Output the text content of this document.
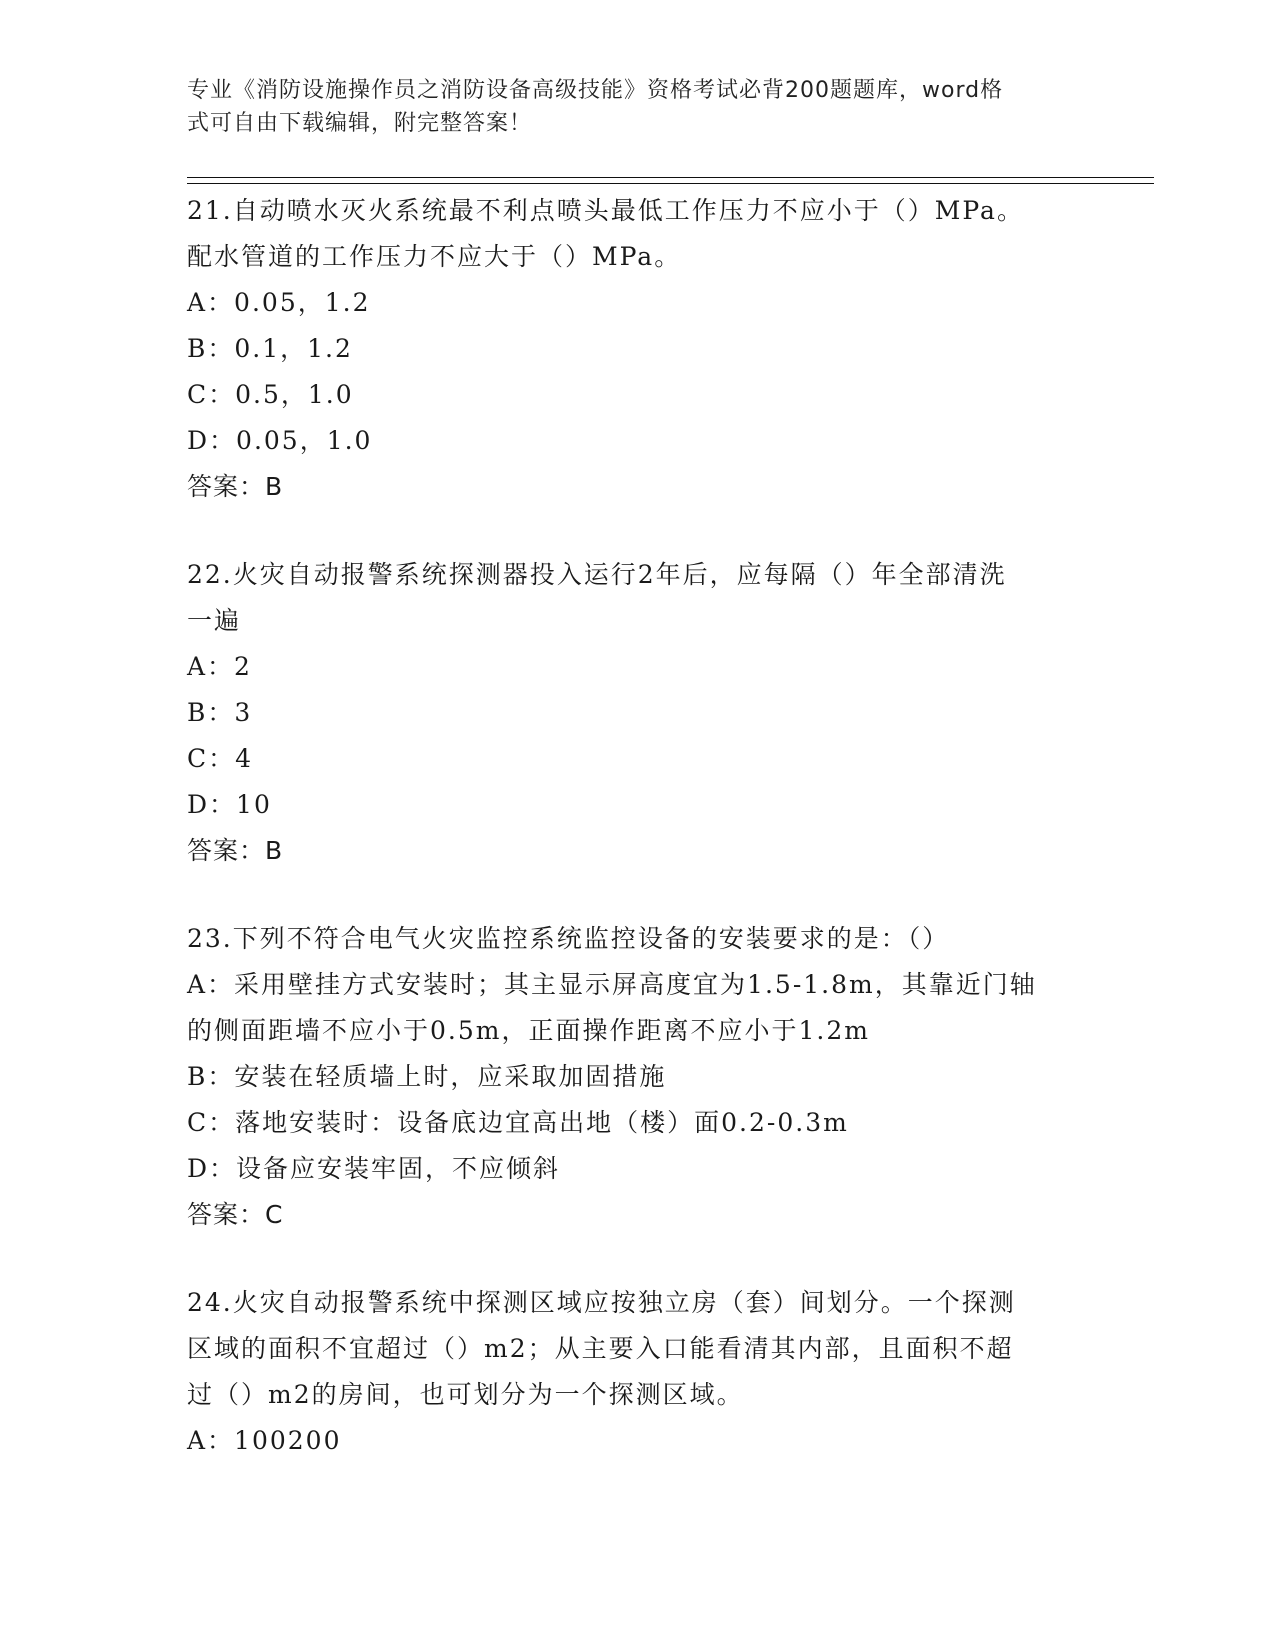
专业《消防设施操作员之消防设备高级技能》资格考试必背200题题库，word格
式可自由下载编辑，附完整答案！
21.自动喷水灭火系统最不利点喷头最低工作压力不应小于（）MPa。
配水管道的工作压力不应大于（）MPa。
A：0.05，1.2
B：0.1，1.2
C：0.5，1.0
D：0.05，1.0
答案：B
22.火灾自动报警系统探测器投入运行2年后，应每隔（）年全部清洗
一遍
A：2
B：3
C：4
D：10
答案：B
23.下列不符合电气火灾监控系统监控设备的安装要求的是：（）
A：采用壁挂方式安装时；其主显示屏高度宜为1.5-1.8m，其靠近门轴
的侧面距墙不应小于0.5m，正面操作距离不应小于1.2m
B：安装在轻质墙上时，应采取加固措施
C：落地安装时：设备底边宜高出地（楼）面0.2-0.3m
D：设备应安装牢固，不应倾斜
答案：C
24.火灾自动报警系统中探测区域应按独立房（套）间划分。一个探测
区域的面积不宜超过（）m2；从主要入口能看清其内部，且面积不超
过（）m2的房间，也可划分为一个探测区域。
A：100200
